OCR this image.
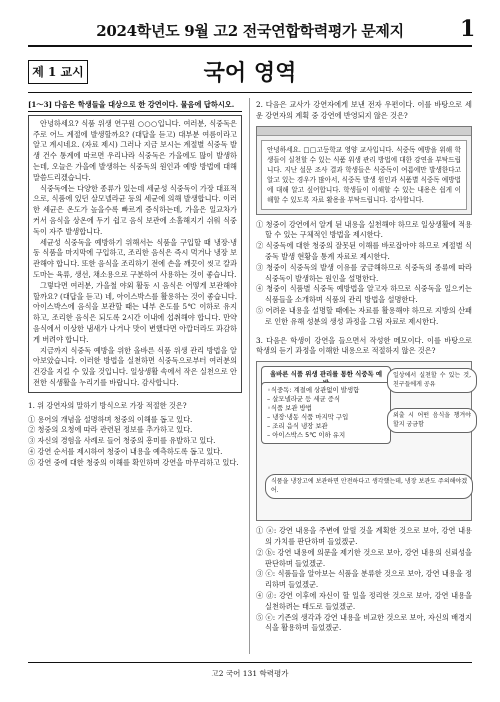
2024학년도 9월 고2 전국연합학력평가 문제지	1
제 1 교시	국어 영역
[1～3] 다음은 학생들을 대상으로 한 강연이다. 물음에 답하시오.

안녕하세요? 식품 위생 연구원 ○○○입니다. 여러분, 식중독은 주로 어느 계절에 발생할까요? (대답을 듣고) 대부분 여름이라고 알고 계시네요. (자료 제시) 그러나 지금 보시는 계절별 식중독 발생 건수 통계에 따르면 우리나라 식중독은 가을에도 많이 발생하는데, 오늘은 가을에 발생하는 식중독의 원인과 예방 방법에 대해 말씀드리겠습니다.

식중독에는 다양한 종류가 있는데 세균성 식중독이 가장 대표적으로, 식품에 있던 살모넬라균 등의 세균에 의해 발생합니다. 이러한 세균은 온도가 높을수록 빠르게 증식하는데, 가을은 일교차가 커서 음식을 상온에 두기 쉽고 음식 보관에 소홀해지기 쉬워 식중독이 자주 발생합니다.

세균성 식중독을 예방하기 위해서는 식품을 구입할 때 냉장·냉동 식품을 마지막에 구입하고, 조리한 음식은 즉시 먹거나 냉장 보관해야 합니다. 또한 음식을 조리하기 전에 손을 깨끗이 씻고 칼과 도마는 육류, 생선, 채소용으로 구분하여 사용하는 것이 좋습니다.

그렇다면 여러분, 가을철 야외 활동 시 음식은 어떻게 보관해야 할까요? (대답을 듣고) 네, 아이스박스를 활용하는 것이 좋습니다. 아이스박스에 음식을 보관할 때는 내부 온도를 5℃ 이하로 유지하고, 조리한 음식은 되도록 2시간 이내에 섭취해야 합니다. 만약 음식에서 이상한 냄새가 나거나 맛이 변했다면 아깝더라도 과감하게 버려야 합니다.

지금까지 식중독 예방을 위한 올바른 식품 위생 관리 방법을 알아보았습니다. 이러한 방법을 실천하면 식중독으로부터 여러분의 건강을 지킬 수 있을 것입니다. 일상생활 속에서 작은 실천으로 안전한 식생활을 누리기를 바랍니다. 감사합니다.

1. 위 강연자의 말하기 방식으로 가장 적절한 것은?
① 용어의 개념을 설명하며 청중의 이해를 돕고 있다.
② 청중의 요청에 따라 관련된 정보를 추가하고 있다.
③ 자신의 경험을 사례로 들어 청중의 흥미를 유발하고 있다.
④ 강연 순서를 제시하여 청중이 내용을 예측하도록 돕고 있다.
⑤ 강연 중에 대한 청중의 이해를 확인하며 강연을 마무리하고 있다.
2. 다음은 교사가 강연자에게 보낸 전자 우편이다. 이를 바탕으로 세운 강연자의 계획 중 강연에 반영되지 않은 것은?
안녕하세요. □□고등학교 영양 교사입니다. 식중독 예방을 위해 학생들이 실천할 수 있는 식품 위생 관리 방법에 대한 강연을 부탁드립니다. 지난 설문 조사 결과 학생들은 식중독이 여름에만 발생한다고 알고 있는 경우가 많아서, 식중독 발생 원인과 식품별 식중독 예방법에 대해 알고 싶어합니다. 학생들이 이해할 수 있는 내용은 쉽게 이해할 수 있도록 자료 활용을 부탁드립니다. 감사합니다.
① 청중이 강연에서 알게 된 내용을 실천해야 하므로 일상생활에 적용할 수 있는 구체적인 방법을 제시한다.
② 식중독에 대한 청중의 잘못된 이해를 바로잡아야 하므로 계절별 식중독 발생 현황을 통계 자료로 제시한다.
③ 청중이 식중독의 발생 이유를 궁금해하므로 식중독의 종류에 따라 식중독이 발생하는 원인을 설명한다.
④ 청중이 식품별 식중독 예방법을 알고자 하므로 식중독을 일으키는 식품들을 소개하며 식품의 관리 방법을 설명한다.
⑤ 어려운 내용을 설명할 때에는 자료를 활용해야 하므로 지방의 산패로 인한 유해 성분의 생성 과정을 그림 자료로 제시한다.
3. 다음은 학생이 강연을 들으면서 작성한 메모이다. 이를 바탕으로 학생의 듣기 과정을 이해한 내용으로 적절하지 않은 것은?
올바른 식품 위생 관리를 통한 식중독 예
◦식중독: 계절에 상관없이 발생함
– 살모넬라균 등 세균 증식
◦식품 보관 방법
– 냉장·냉동 식품 마지막 구입
– 조리 음식 냉장 보관
– 아이스박스 5℃ 이하 유지
일상에서 실천할 수 있는 것, 친구들에게 공유
외출 시 어떤 음식을 챙겨야 할지 궁금함
식품을 냉장고에 보관하면 안전하다고 생각했는데, 냉장 보관도 주의해야겠어.
① ⓐ: 강연 내용을 주변에 알릴 것을 계획한 것으로 보아, 강연 내용의 가치를 판단하며 들었겠군.
② ⓑ: 강연 내용에 의문을 제기한 것으로 보아, 강연 내용의 신뢰성을 판단하며 들었겠군.
③ ⓒ: 식품들을 알아보는 식품을 분류한 것으로 보아, 강연 내용을 정리하며 들었겠군.
④ ⓓ: 강연 이후에 자신이 할 일을 정리한 것으로 보아, 강연 내용을 실천하려는 태도로 들었겠군.
⑤ ⓔ: 기존의 생각과 강연 내용을 비교한 것으로 보아, 자신의 배경지식을 활용하며 들었겠군.
고2 국어 131 학력평가
